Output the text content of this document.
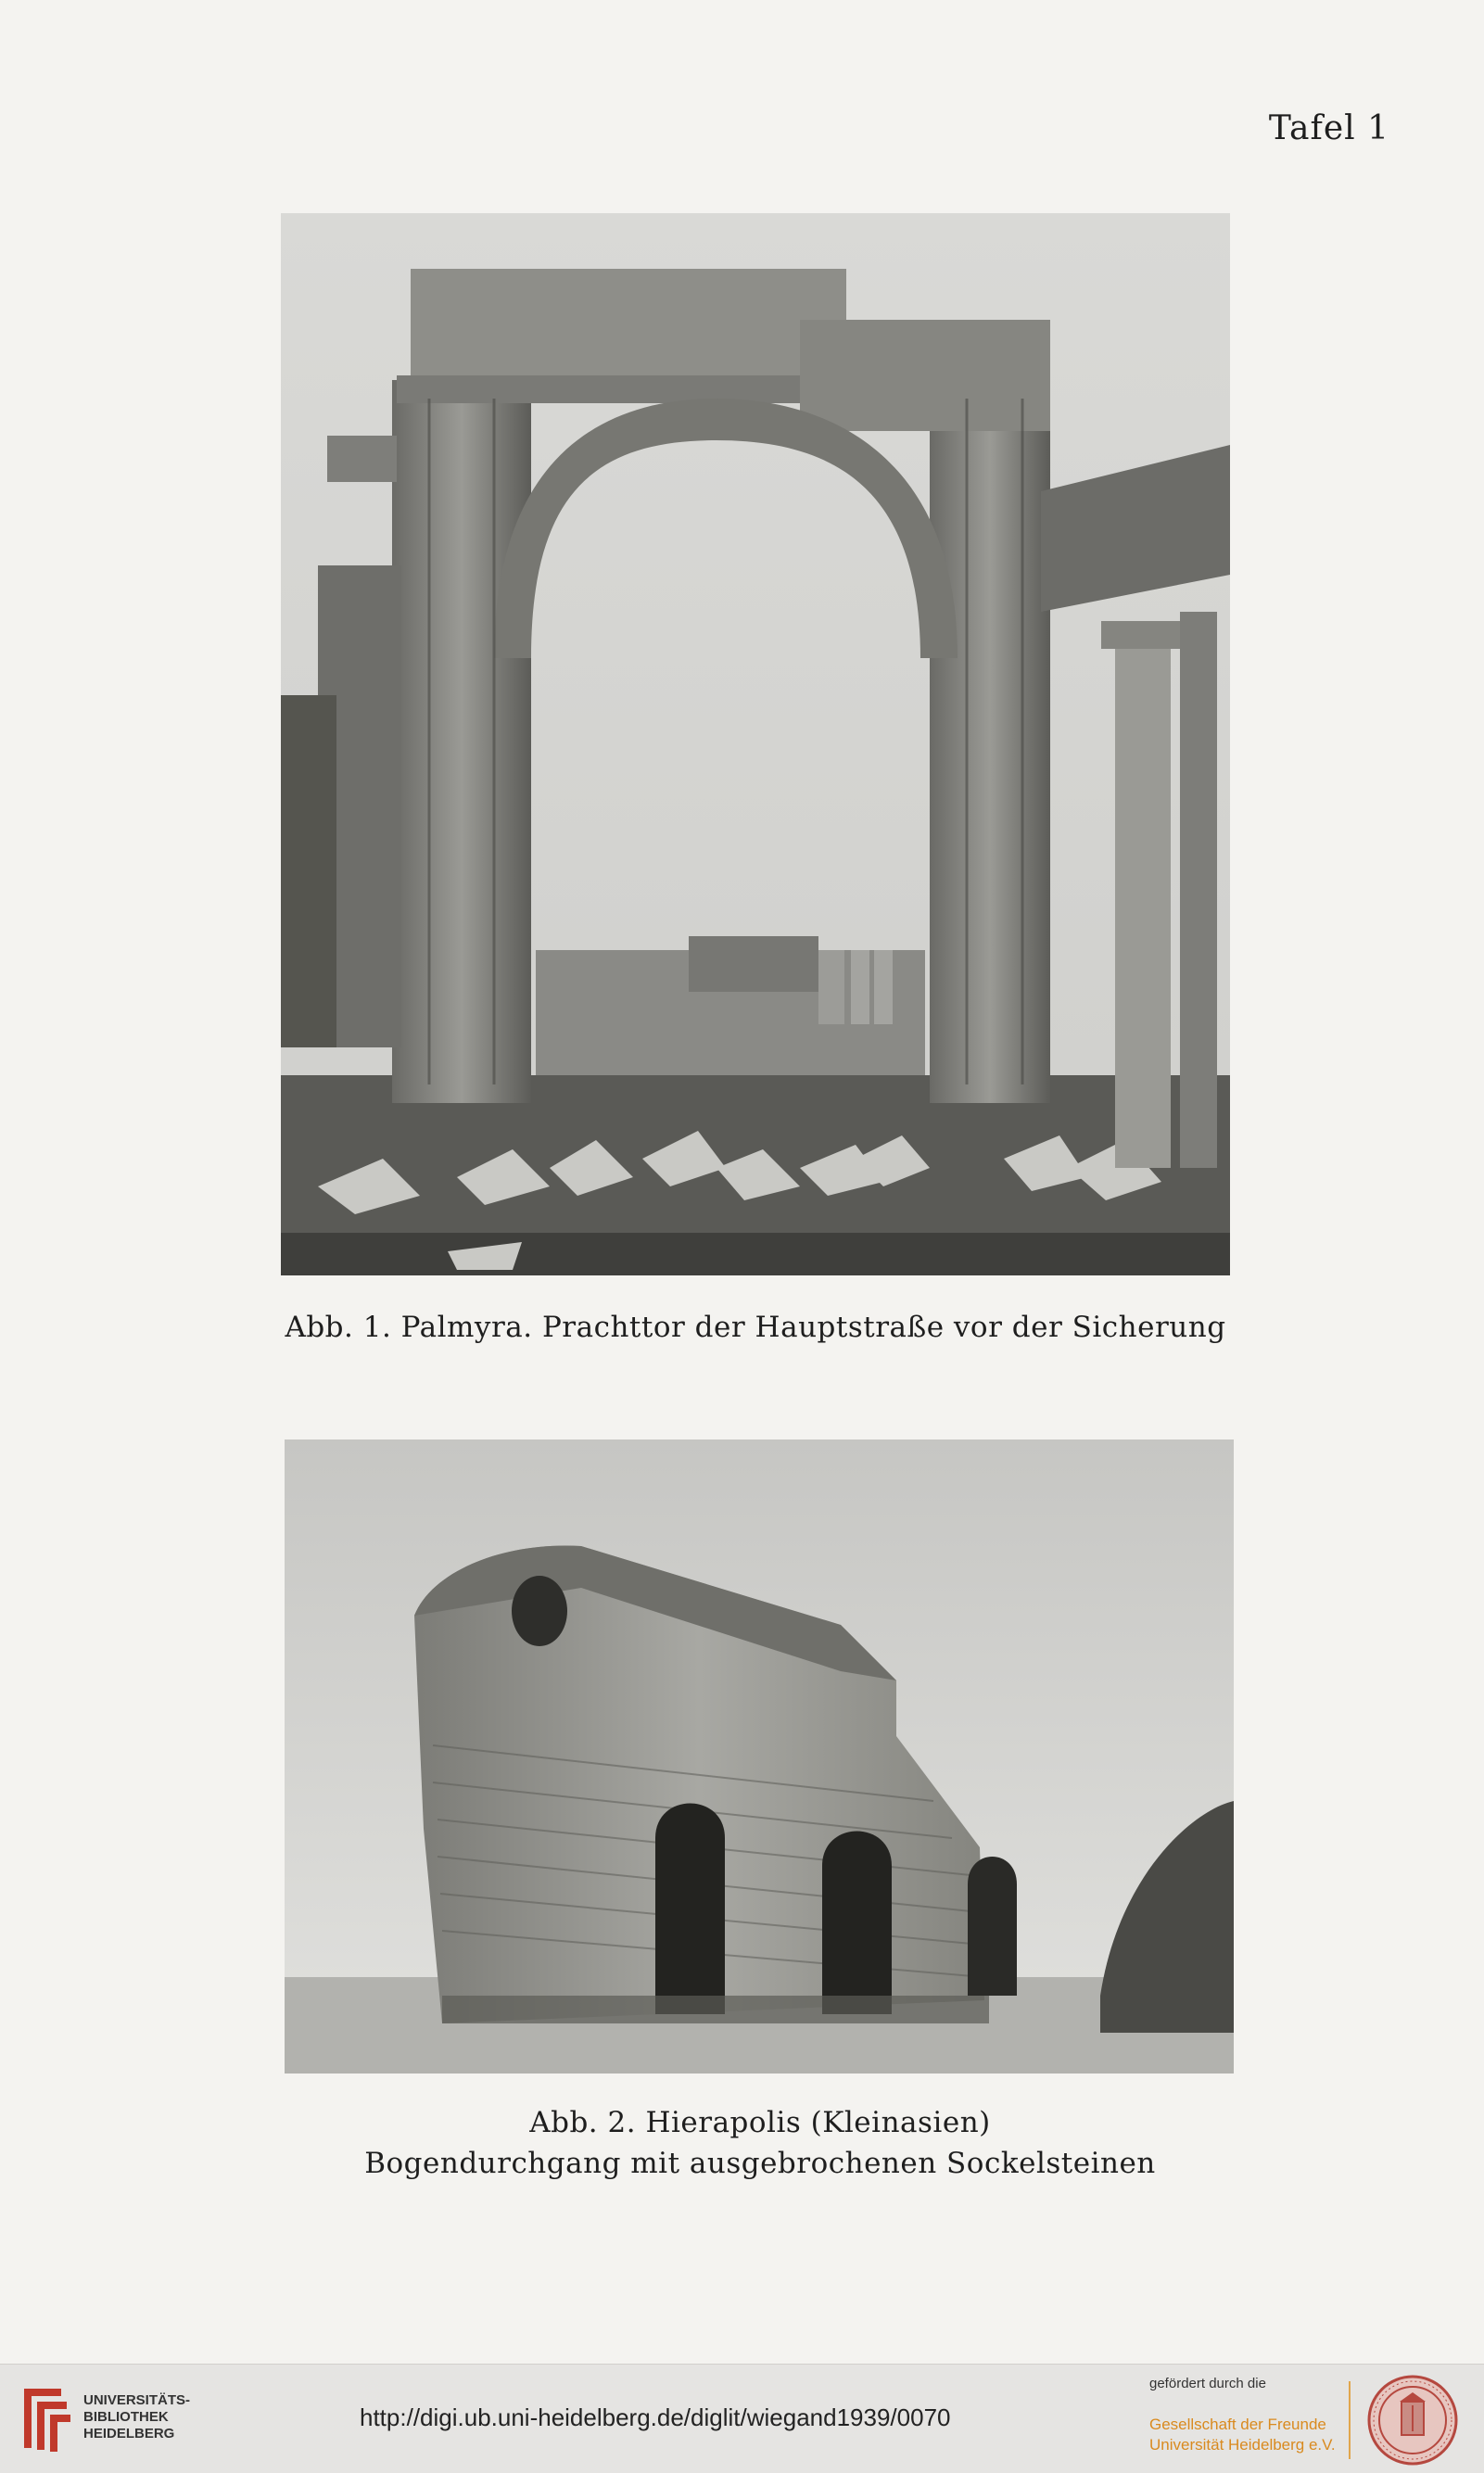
Tafel 1
Abb. 1. Palmyra. Prachttor der Hauptstraße vor der Sicherung
Abb. 2. Hierapolis (Kleinasien)
Bogendurchgang mit ausgebrochenen Sockelsteinen
UNIVERSITÄTS-
BIBLIOTHEK
HEIDELBERG
http://digi.ub.uni-heidelberg.de/diglit/wiegand1939/0070
gefördert durch die
Gesellschaft der Freunde
Universität Heidelberg e.V.
